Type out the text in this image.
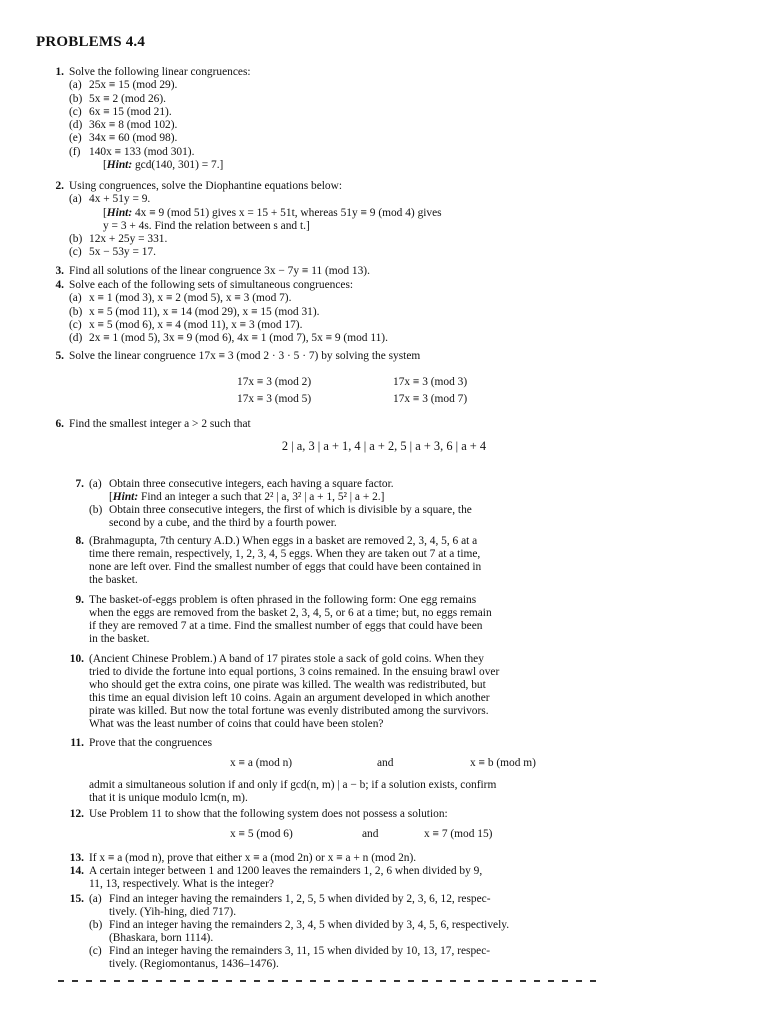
PROBLEMS 4.4
1. Solve the following linear congruences:
(a) 25x ≡ 15 (mod 29).
(b) 5x ≡ 2 (mod 26).
(c) 6x ≡ 15 (mod 21).
(d) 36x ≡ 8 (mod 102).
(e) 34x ≡ 60 (mod 98).
(f) 140x ≡ 133 (mod 301).
[Hint: gcd(140, 301) = 7.]
2. Using congruences, solve the Diophantine equations below:
(a) 4x + 51y = 9.
[Hint: 4x ≡ 9 (mod 51) gives x = 15 + 51t, whereas 51y ≡ 9 (mod 4) gives
y = 3 + 4s. Find the relation between s and t.]
(b) 12x + 25y = 331.
(c) 5x − 53y = 17.
3. Find all solutions of the linear congruence 3x − 7y ≡ 11 (mod 13).
4. Solve each of the following sets of simultaneous congruences:
(a) x ≡ 1 (mod 3), x ≡ 2 (mod 5), x ≡ 3 (mod 7).
(b) x ≡ 5 (mod 11), x ≡ 14 (mod 29), x ≡ 15 (mod 31).
(c) x ≡ 5 (mod 6), x ≡ 4 (mod 11), x ≡ 3 (mod 17).
(d) 2x ≡ 1 (mod 5), 3x ≡ 9 (mod 6), 4x ≡ 1 (mod 7), 5x ≡ 9 (mod 11).
5. Solve the linear congruence 17x ≡ 3 (mod 2 · 3 · 5 · 7) by solving the system
17x ≡ 3 (mod 2)	17x ≡ 3 (mod 3)
17x ≡ 3 (mod 5)	17x ≡ 3 (mod 7)
6. Find the smallest integer a > 2 such that
2 | a, 3 | a + 1, 4 | a + 2, 5 | a + 3, 6 | a + 4
7. (a) Obtain three consecutive integers, each having a square factor.
[Hint: Find an integer a such that 2² | a, 3² | a + 1, 5² | a + 2.]
(b) Obtain three consecutive integers, the first of which is divisible by a square, the
second by a cube, and the third by a fourth power.
8. (Brahmagupta, 7th century A.D.) When eggs in a basket are removed 2, 3, 4, 5, 6 at a
time there remain, respectively, 1, 2, 3, 4, 5 eggs. When they are taken out 7 at a time,
none are left over. Find the smallest number of eggs that could have been contained in
the basket.
9. The basket-of-eggs problem is often phrased in the following form: One egg remains
when the eggs are removed from the basket 2, 3, 4, 5, or 6 at a time; but, no eggs remain
if they are removed 7 at a time. Find the smallest number of eggs that could have been
in the basket.
10. (Ancient Chinese Problem.) A band of 17 pirates stole a sack of gold coins. When they
tried to divide the fortune into equal portions, 3 coins remained. In the ensuing brawl over
who should get the extra coins, one pirate was killed. The wealth was redistributed, but
this time an equal division left 10 coins. Again an argument developed in which another
pirate was killed. But now the total fortune was evenly distributed among the survivors.
What was the least number of coins that could have been stolen?
11. Prove that the congruences
x ≡ a (mod n)	and	x ≡ b (mod m)
admit a simultaneous solution if and only if gcd(n, m) | a − b; if a solution exists, confirm
that it is unique modulo lcm(n, m).
12. Use Problem 11 to show that the following system does not possess a solution:
x ≡ 5 (mod 6)	and	x ≡ 7 (mod 15)
13. If x ≡ a (mod n), prove that either x ≡ a (mod 2n) or x ≡ a + n (mod 2n).
14. A certain integer between 1 and 1200 leaves the remainders 1, 2, 6 when divided by 9,
11, 13, respectively. What is the integer?
15. (a) Find an integer having the remainders 1, 2, 5, 5 when divided by 2, 3, 6, 12, respec-
tively. (Yih-hing, died 717).
(b) Find an integer having the remainders 2, 3, 4, 5 when divided by 3, 4, 5, 6, respectively.
(Bhaskara, born 1114).
(c) Find an integer having the remainders 3, 11, 15 when divided by 10, 13, 17, respec-
tively. (Regiomontanus, 1436–1476).
